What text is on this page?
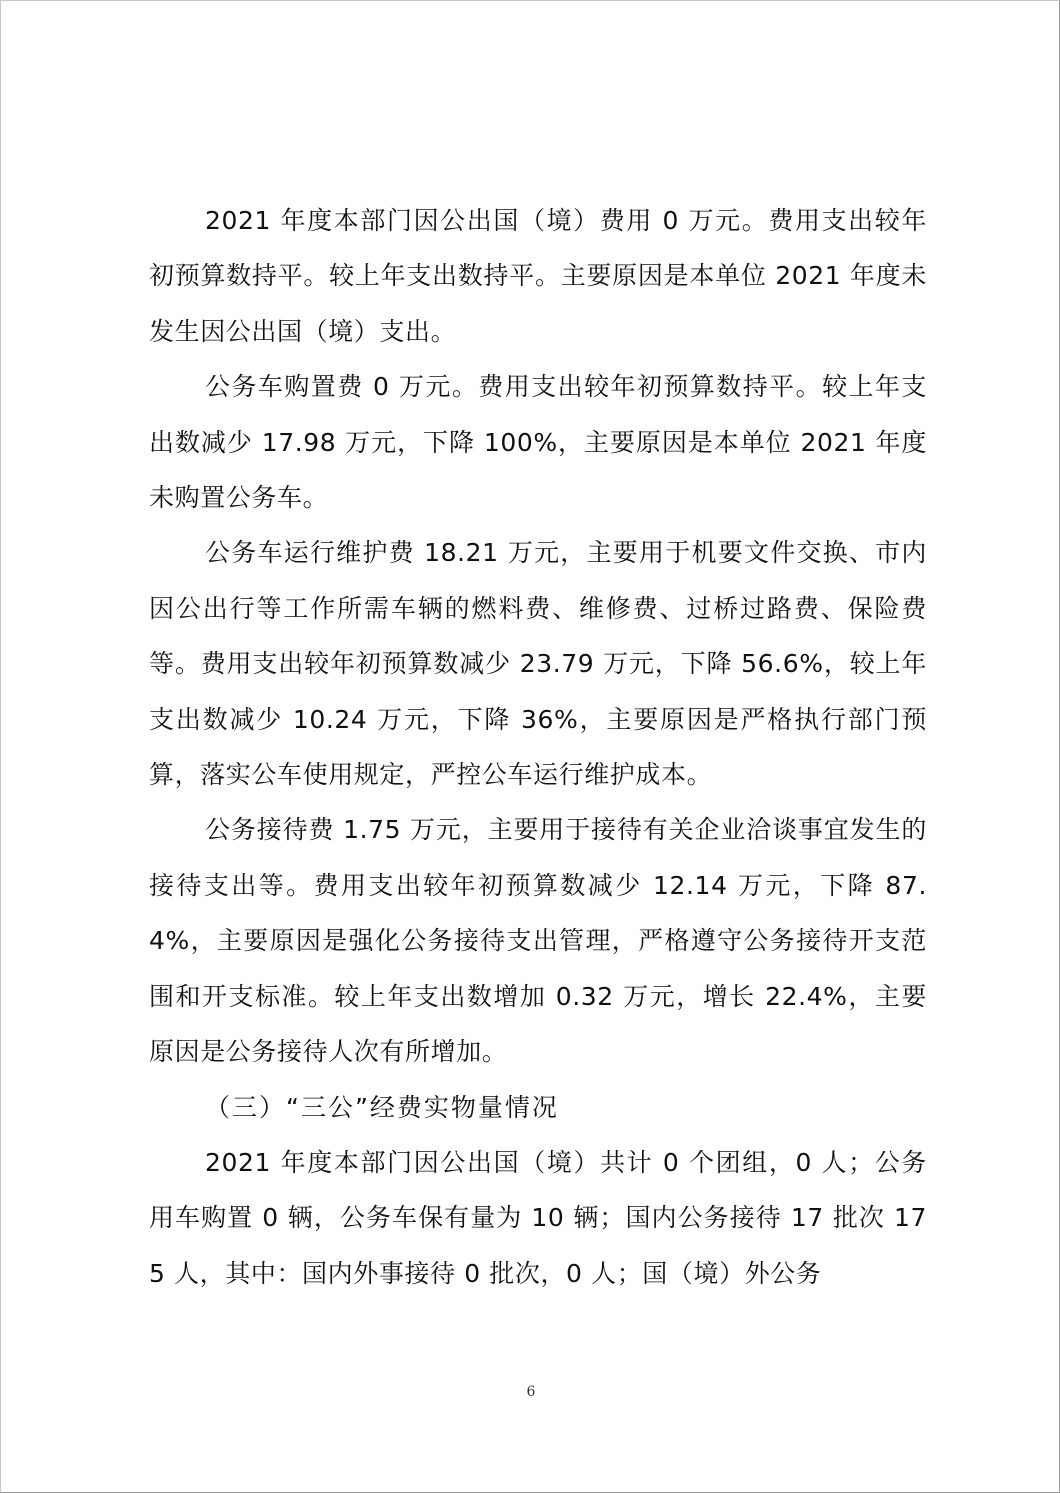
2021 年度本部门因公出国（境）费用 0 万元。费用支出较年初预算数持平。较上年支出数持平。主要原因是本单位 2021 年度未发生因公出国（境）支出。

公务车购置费 0 万元。费用支出较年初预算数持平。较上年支出数减少 17.98 万元，下降 100%，主要原因是本单位 2021 年度未购置公务车。

公务车运行维护费 18.21 万元，主要用于机要文件交换、市内因公出行等工作所需车辆的燃料费、维修费、过桥过路费、保险费等。费用支出较年初预算数减少 23.79 万元，下降 56.6%，较上年支出数减少 10.24 万元，下降 36%，主要原因是严格执行部门预算，落实公车使用规定，严控公车运行维护成本。

公务接待费 1.75 万元，主要用于接待有关企业洽谈事宜发生的接待支出等。费用支出较年初预算数减少 12.14 万元，下降 87.4%，主要原因是强化公务接待支出管理，严格遵守公务接待开支范围和开支标准。较上年支出数增加 0.32 万元，增长 22.4%，主要原因是公务接待人次有所增加。

（三）“三公”经费实物量情况

2021 年度本部门因公出国（境）共计 0 个团组，0 人；公务用车购置 0 辆，公务车保有量为 10 辆；国内公务接待 17 批次 175 人，其中：国内外事接待 0 批次，0 人；国（境）外公务

6
